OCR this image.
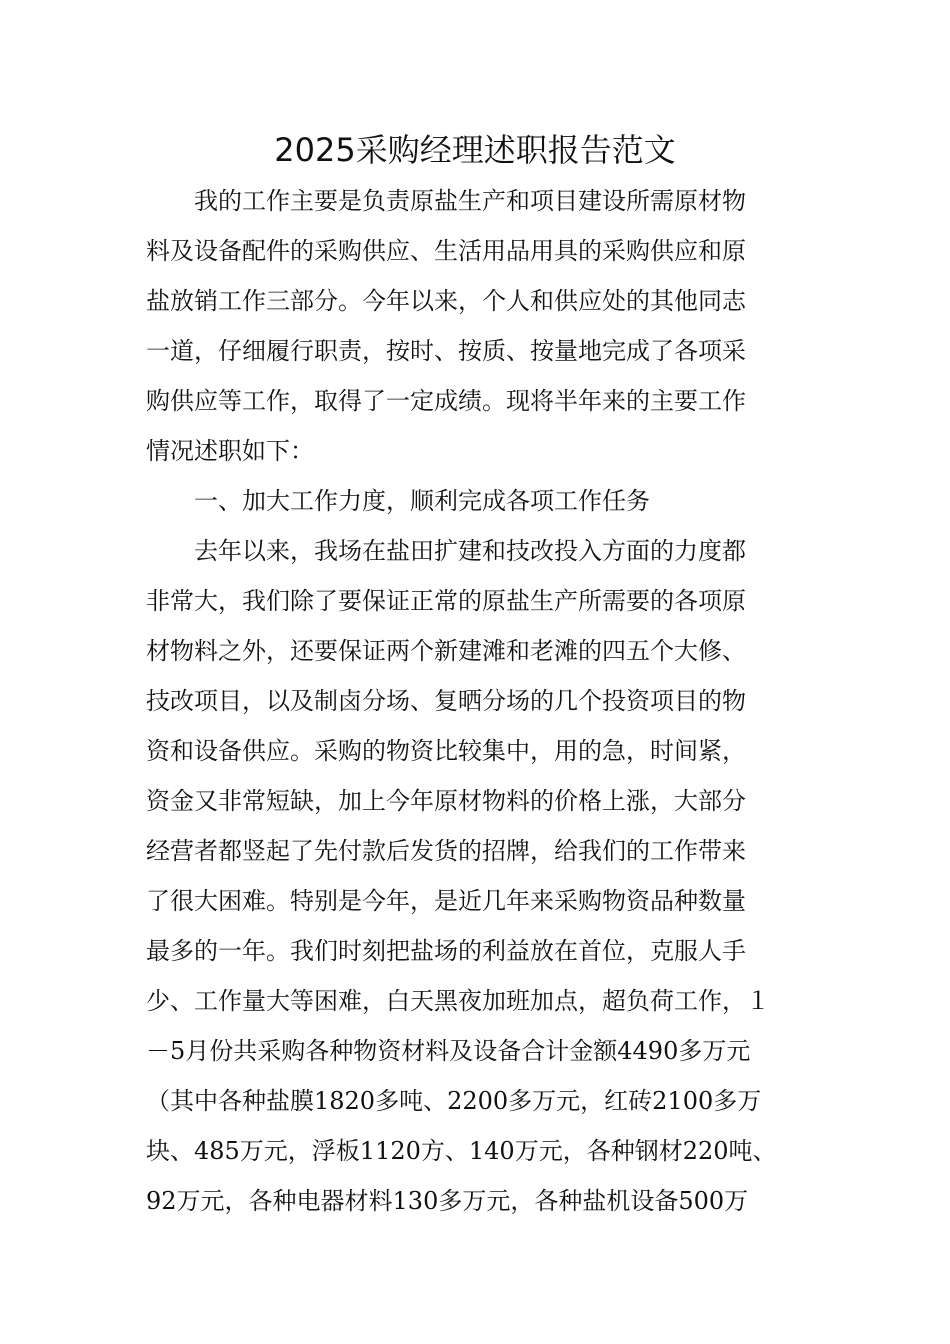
2025采购经理述职报告范文

　　我的工作主要是负责原盐生产和项目建设所需原材物
料及设备配件的采购供应、生活用品用具的采购供应和原
盐放销工作三部分。今年以来，个人和供应处的其他同志
一道，仔细履行职责，按时、按质、按量地完成了各项采
购供应等工作，取得了一定成绩。现将半年来的主要工作
情况述职如下：

　　一、加大工作力度，顺利完成各项工作任务

　　去年以来，我场在盐田扩建和技改投入方面的力度都
非常大，我们除了要保证正常的原盐生产所需要的各项原
材物料之外，还要保证两个新建滩和老滩的四五个大修、
技改项目，以及制卤分场、复晒分场的几个投资项目的物
资和设备供应。采购的物资比较集中，用的急，时间紧，
资金又非常短缺，加上今年原材物料的价格上涨，大部分
经营者都竖起了先付款后发货的招牌，给我们的工作带来
了很大困难。特别是今年，是近几年来采购物资品种数量
最多的一年。我们时刻把盐场的利益放在首位，克服人手
少、工作量大等困难，白天黑夜加班加点，超负荷工作，１
－5月份共采购各种物资材料及设备合计金额4490多万元
（其中各种盐膜1820多吨、2200多万元，红砖2100多万
块、485万元，浮板1120方、140万元，各种钢材220吨、
92万元，各种电器材料130多万元，各种盐机设备500万
